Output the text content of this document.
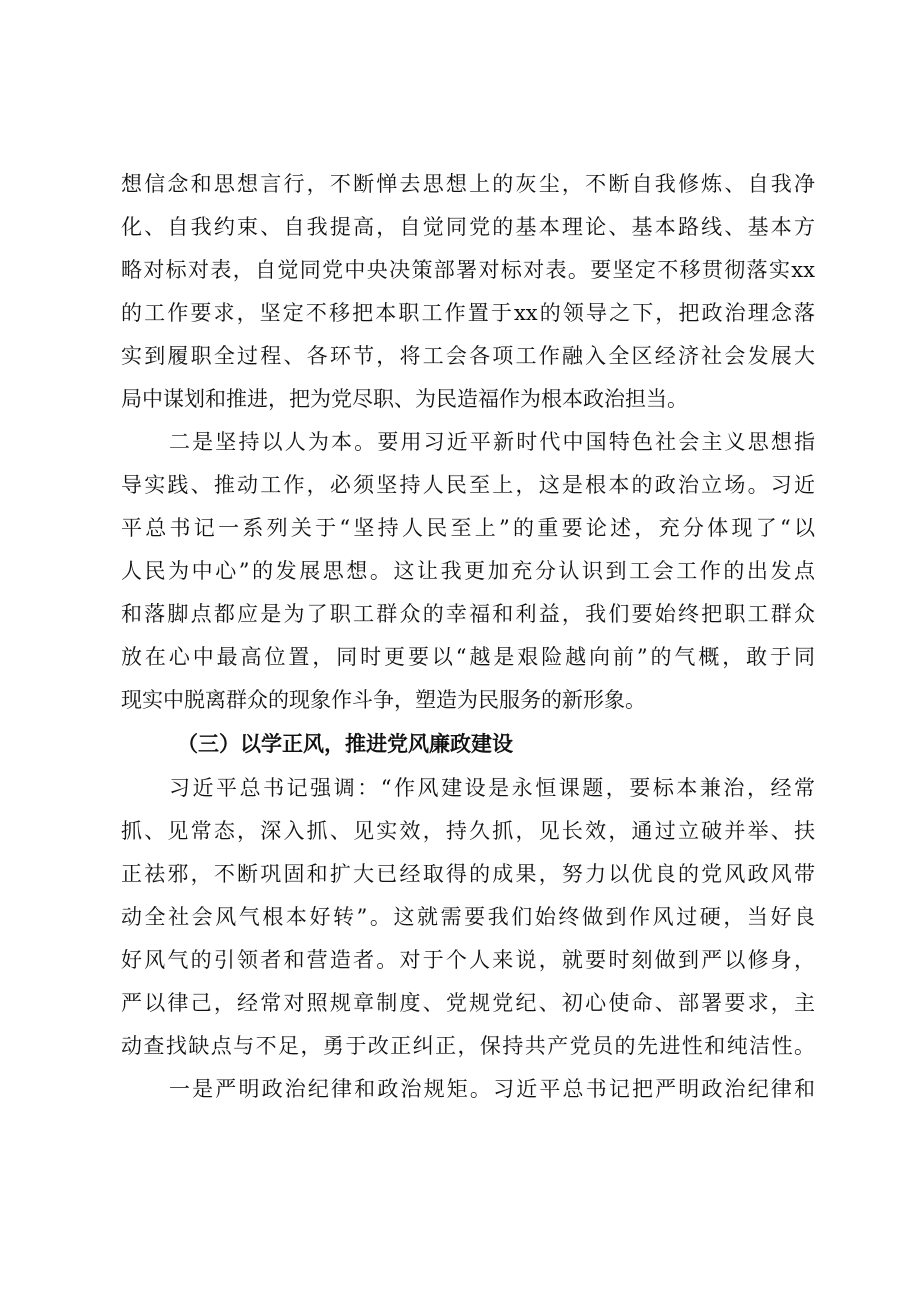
想信念和思想言行，不断惮去思想上的灰尘，不断自我修炼、自我净
化、自我约束、自我提高，自觉同党的基本理论、基本路线、基本方
略对标对表，自觉同党中央决策部署对标对表。要坚定不移贯彻落实xx
的工作要求，坚定不移把本职工作置于xx的领导之下，把政治理念落
实到履职全过程、各环节，将工会各项工作融入全区经济社会发展大
局中谋划和推进，把为党尽职、为民造福作为根本政治担当。
二是坚持以人为本。要用习近平新时代中国特色社会主义思想指
导实践、推动工作，必须坚持人民至上，这是根本的政治立场。习近
平总书记一系列关于“坚持人民至上”的重要论述，充分体现了“以
人民为中心”的发展思想。这让我更加充分认识到工会工作的出发点
和落脚点都应是为了职工群众的幸福和利益，我们要始终把职工群众
放在心中最高位置，同时更要以“越是艰险越向前”的气概，敢于同
现实中脱离群众的现象作斗争，塑造为民服务的新形象。
（三）以学正风，推进党风廉政建设
习近平总书记强调：“作风建设是永恒课题，要标本兼治，经常
抓、见常态，深入抓、见实效，持久抓，见长效，通过立破并举、扶
正祛邪，不断巩固和扩大已经取得的成果，努力以优良的党风政风带
动全社会风气根本好转”。这就需要我们始终做到作风过硬，当好良
好风气的引领者和营造者。对于个人来说，就要时刻做到严以修身，
严以律己，经常对照规章制度、党规党纪、初心使命、部署要求，主
动查找缺点与不足，勇于改正纠正，保持共产党员的先进性和纯洁性。
一是严明政治纪律和政治规矩。习近平总书记把严明政治纪律和
